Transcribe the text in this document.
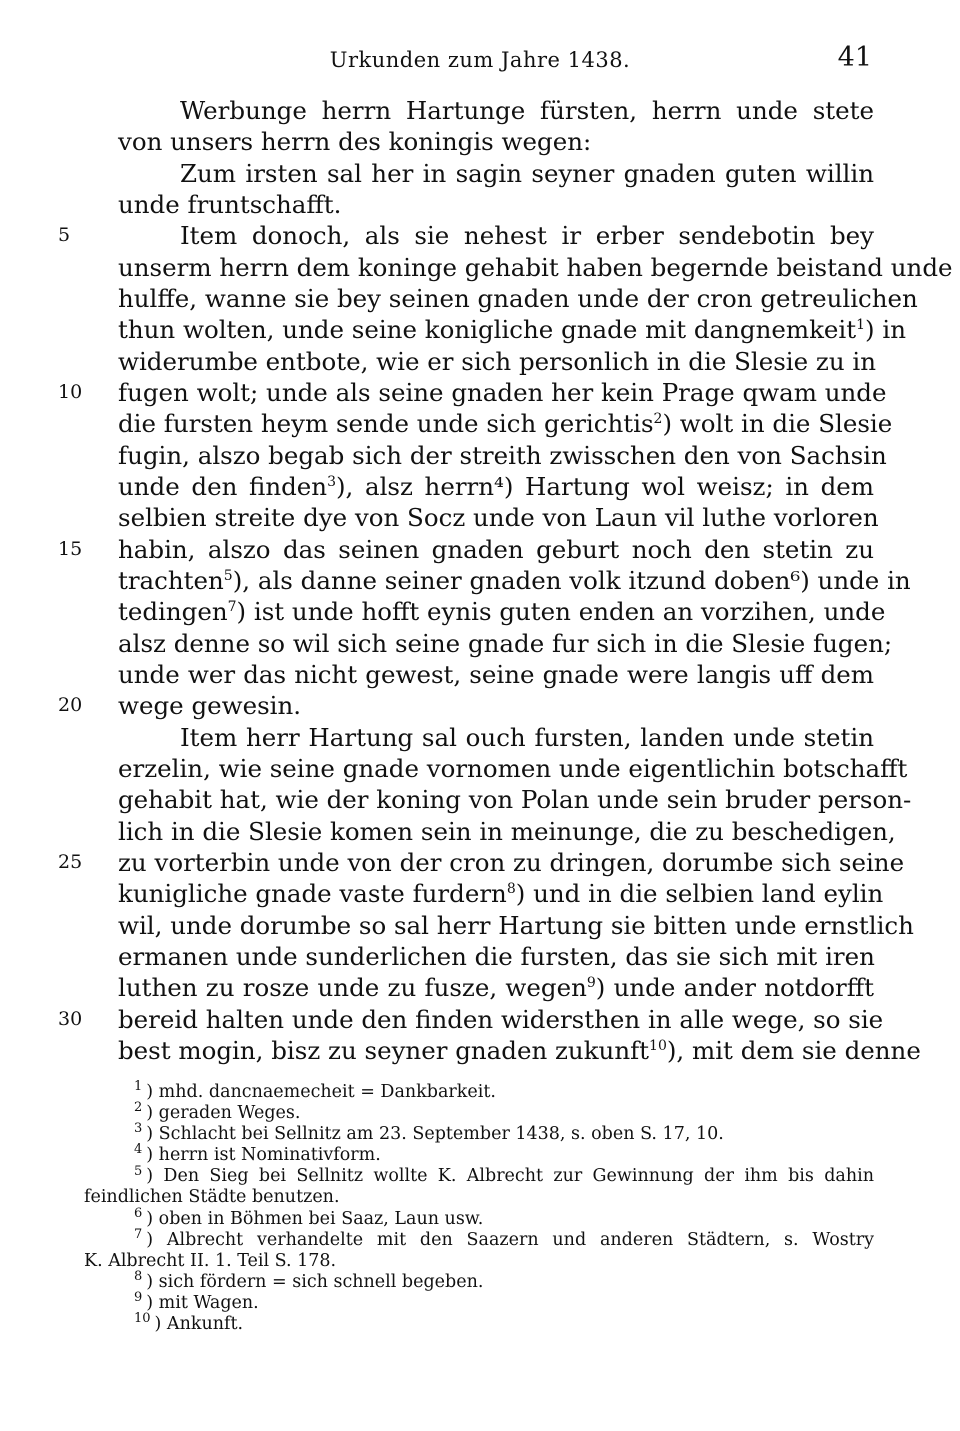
Urkunden zum Jahre 1438.	41
Werbunge herrn Hartunge fürsten, herrn unde stete
von unsers herrn des koningis wegen:
Zum irsten sal her in sagin seyner gnaden guten willin
unde fruntschafft.
5	Item donoch, als sie nehest ir erber sendebotin bey
unserm herrn dem koninge gehabit haben begernde beistand unde
hulffe, wanne sie bey seinen gnaden unde der cron getreulichen
thun wolten, unde seine konigliche gnade mit dangnemkeit$^1$) in
widerumbe entbote, wie er sich personlich in die Slesie zu in
10 fugen wolt; unde als seine gnaden her kein Prage qwam unde
die fursten heym sende unde sich gerichtis$^2$) wolt in die Slesie
fugin, alszo begab sich der streith zwisschen den von Sachsin
unde den finden$^3$), alsz herrn⁴) Hartung wol weisz; in dem
selbien streite dye von Socz unde von Laun vil luthe vorloren
15 habin, alszo das seinen gnaden geburt noch den stetin zu
trachten$^5$), als danne seiner gnaden volk itzund doben⁶) unde in
tedingen$^7$) ist unde hofft eynis guten enden an vorzihen, unde
alsz denne so wil sich seine gnade fur sich in die Slesie fugen;
unde wer das nicht gewest, seine gnade were langis uff dem
20 wege gewesin.
Item herr Hartung sal ouch fursten, landen unde stetin
erzelin, wie seine gnade vornomen unde eigentlichin botschafft
gehabit hat, wie der koning von Polan unde sein bruder person-
lich in die Slesie komen sein in meinunge, die zu beschedigen,
25 zu vorterbin unde von der cron zu dringen, dorumbe sich seine
kunigliche gnade vaste furdern$^8$) und in die selbien land eylin
wil, unde dorumbe so sal herr Hartung sie bitten unde ernstlich
ermanen unde sunderlichen die fursten, das sie sich mit iren
luthen zu rosze unde zu fusze, wegen$^9$) unde ander notdorfft
30 bereid halten unde den finden widersthen in alle wege, so sie
best mogin, bisz zu seyner gnaden zukunft$^{10}$), mit dem sie denne
$^1$ ) mhd. dancnaemecheit = Dankbarkeit.
$^2$ ) geraden Weges.
$^3$ ) Schlacht bei Sellnitz am 23. September 1438, s. oben S. 17, 10.
$^4$ ) herrn ist Nominativform.
$^5$ ) Den Sieg bei Sellnitz wollte K. Albrecht zur Gewinnung der ihm bis dahin
feindlichen Städte benutzen.
$^6$ ) oben in Böhmen bei Saaz, Laun usw.
$^7$ ) Albrecht verhandelte mit den Saazern und anderen Städtern, s. Wostry
K. Albrecht II. 1. Teil S. 178.
$^8$ ) sich fördern = sich schnell begeben.
$^9$ ) mit Wagen.
$^{10}$ ) Ankunft.
